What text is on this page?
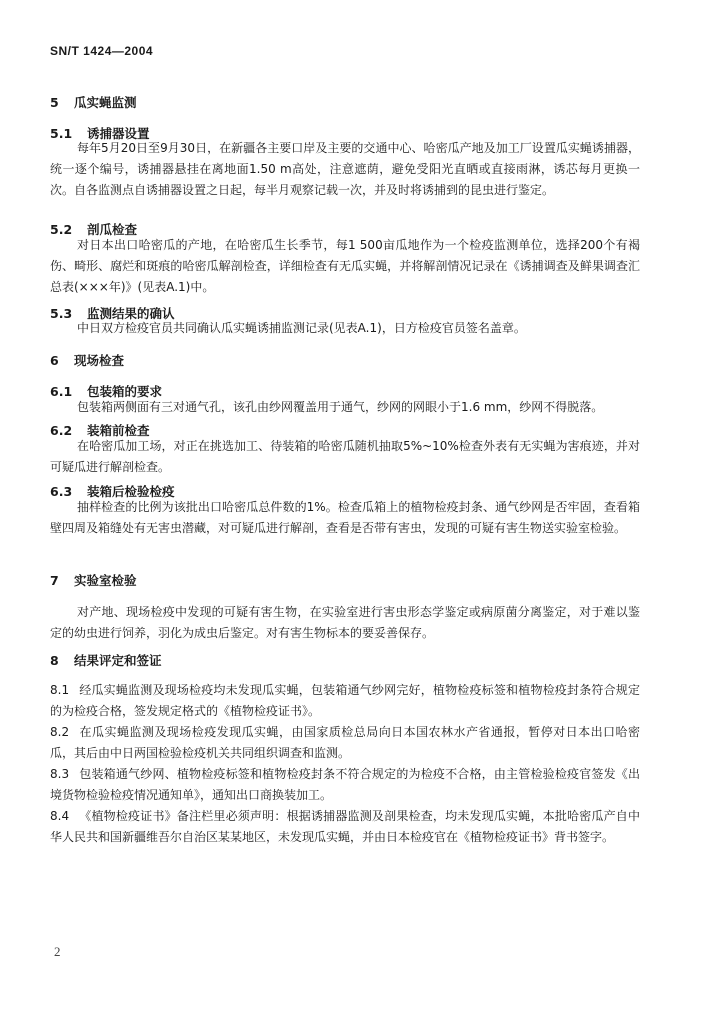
SN/T 1424—2004
5 瓜实蝇监测
5.1 诱捕器设置

每年5月20日至9月30日，在新疆各主要口岸及主要的交通中心、哈密瓜产地及加工厂设置瓜实蝇诱捕器，统一逐个编号，诱捕器悬挂在离地面1.50 m高处，注意遮荫，避免受阳光直晒或直接雨淋，诱芯每月更换一次。自各监测点自诱捕器设置之日起，每半月观察记载一次，并及时将诱捕到的昆虫进行鉴定。

5.2 剖瓜检查

对日本出口哈密瓜的产地，在哈密瓜生长季节，每1 500亩瓜地作为一个检疫监测单位，选择200个有褐伤、畸形、腐烂和斑痕的哈密瓜解剖检查，详细检查有无瓜实蝇，并将解剖情况记录在《诱捕调查及鲜果调查汇总表(×××年)》(见表A.1)中。

5.3 监测结果的确认

中日双方检疫官员共同确认瓜实蝇诱捕监测记录(见表A.1)，日方检疫官员签名盖章。

6 现场检查
6.1 包装箱的要求

包装箱两侧面有三对通气孔，该孔由纱网覆盖用于通气，纱网的网眼小于1.6 mm，纱网不得脱落。

6.2 装箱前检查

在哈密瓜加工场，对正在挑选加工、待装箱的哈密瓜随机抽取5%~10%检查外表有无实蝇为害痕迹，并对可疑瓜进行解剖检查。

6.3 装箱后检验检疫

抽样检查的比例为该批出口哈密瓜总件数的1%。检查瓜箱上的植物检疫封条、通气纱网是否牢固，查看箱壁四周及箱缝处有无害虫潜藏，对可疑瓜进行解剖，查看是否带有害虫，发现的可疑有害生物送实验室检验。

7 实验室检验

对产地、现场检疫中发现的可疑有害生物，在实验室进行害虫形态学鉴定或病原菌分离鉴定，对于难以鉴定的幼虫进行饲养，羽化为成虫后鉴定。对有害生物标本的要妥善保存。

8 结果评定和签证

8.1 经瓜实蝇监测及现场检疫均未发现瓜实蝇，包装箱通气纱网完好，植物检疫标签和植物检疫封条符合规定的为检疫合格，签发规定格式的《植物检疫证书》。

8.2 在瓜实蝇监测及现场检疫发现瓜实蝇，由国家质检总局向日本国农林水产省通报，暂停对日本出口哈密瓜，其后由中日两国检验检疫机关共同组织调查和监测。

8.3 包装箱通气纱网、植物检疫标签和植物检疫封条不符合规定的为检疫不合格，由主管检验检疫官签发《出境货物检验检疫情况通知单》，通知出口商换装加工。

8.4 《植物检疫证书》备注栏里必须声明：根据诱捕器监测及剖果检查，均未发现瓜实蝇，本批哈密瓜产自中华人民共和国新疆维吾尔自治区某某地区，未发现瓜实蝇，并由日本检疫官在《植物检疫证书》背书签字。

2
